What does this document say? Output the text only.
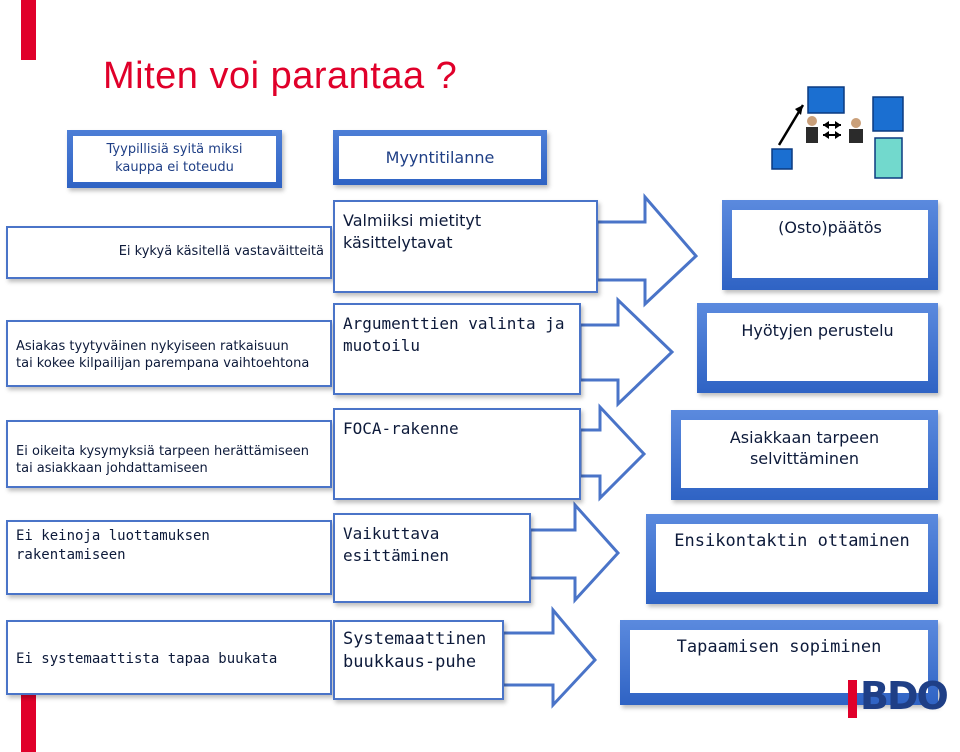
Miten voi parantaa ?
Tyypillisiä syitä miksi
kauppa ei toteudu
Myyntitilanne
Ei kykyä käsitellä vastaväitteitä
Asiakas tyytyväinen nykyiseen ratkaisuun
tai kokee kilpailijan parempana vaihtoehtona
Ei oikeita kysymyksiä tarpeen herättämiseen
tai asiakkaan johdattamiseen
Ei keinoja luottamuksen rakentamiseen
Ei systemaattista tapaa buukata
Valmiiksi mietityt
käsittelytavat
Argumenttien valinta ja
muotoilu
FOCA-rakenne
Vaikuttava
esittäminen
Systemaattinen
buukkaus-puhe
(Osto)päätös
Hyötyjen perustelu
Asiakkaan tarpeen
selvittäminen
Ensikontaktin ottaminen
Tapaamisen sopiminen
BDO
